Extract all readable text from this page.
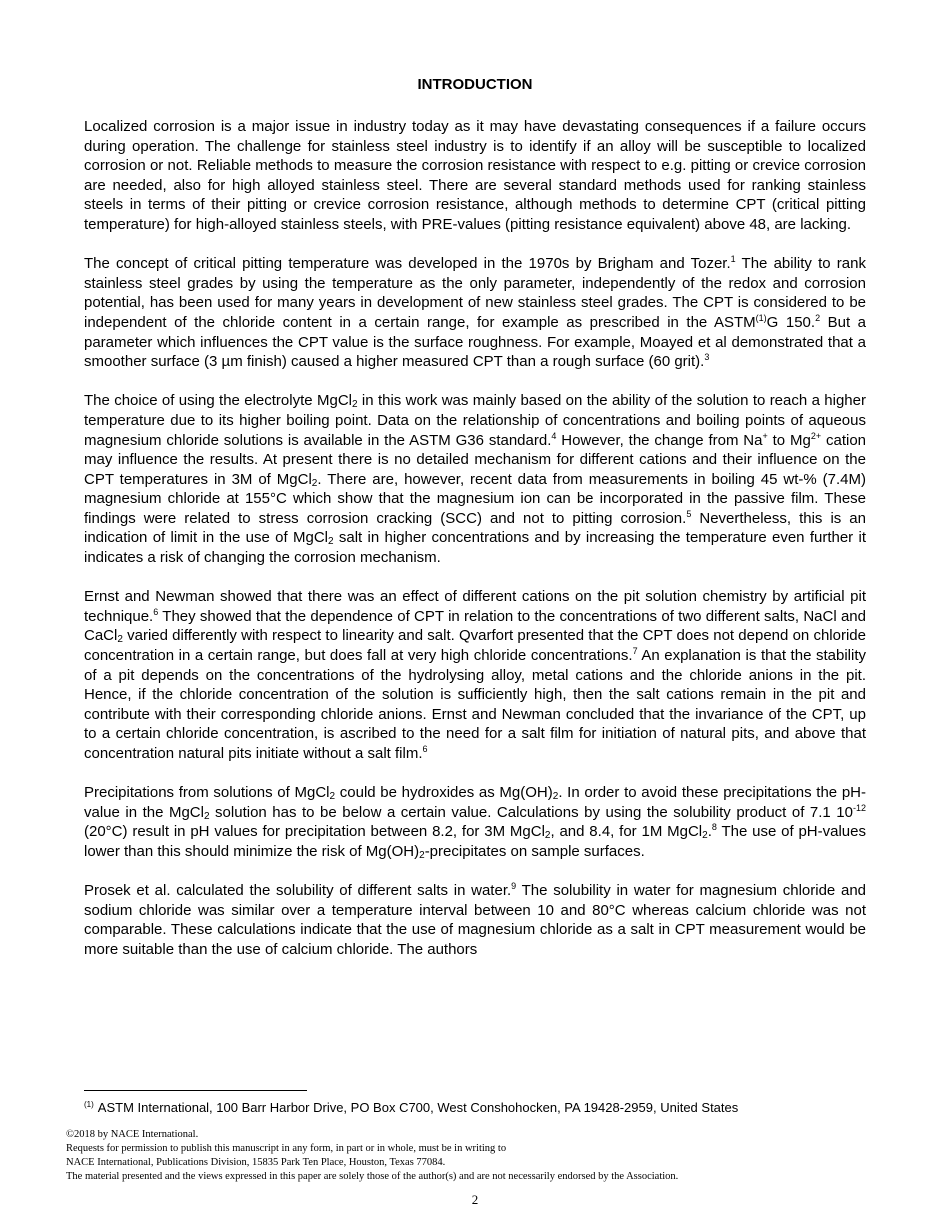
INTRODUCTION

Localized corrosion is a major issue in industry today as it may have devastating consequences if a failure occurs during operation. The challenge for stainless steel industry is to identify if an alloy will be susceptible to localized corrosion or not. Reliable methods to measure the corrosion resistance with respect to e.g. pitting or crevice corrosion are needed, also for high alloyed stainless steel. There are several standard methods used for ranking stainless steels in terms of their pitting or crevice corrosion resistance, although methods to determine CPT (critical pitting temperature) for high-alloyed stainless steels, with PRE-values (pitting resistance equivalent) above 48, are lacking.

The concept of critical pitting temperature was developed in the 1970s by Brigham and Tozer.$^1$ The ability to rank stainless steel grades by using the temperature as the only parameter, independently of the redox and corrosion potential, has been used for many years in development of new stainless steel grades. The CPT is considered to be independent of the chloride content in a certain range, for example as prescribed in the ASTM$^{(1)}$G 150.$^2$ But a parameter which influences the CPT value is the surface roughness. For example, Moayed et al demonstrated that a smoother surface (3 µm finish) caused a higher measured CPT than a rough surface (60 grit).$^3$

The choice of using the electrolyte MgCl$_2$ in this work was mainly based on the ability of the solution to reach a higher temperature due to its higher boiling point. Data on the relationship of concentrations and boiling points of aqueous magnesium chloride solutions is available in the ASTM G36 standard.$^4$ However, the change from Na+ to $Mg^{2+}$ cation may influence the results. At present there is no detailed mechanism for different cations and their influence on the CPT temperatures in 3M of MgCl$_2$. There are, however, recent data from measurements in boiling 45 wt-% (7.4M) magnesium chloride at 155°C which show that the magnesium ion can be incorporated in the passive film. These findings were related to stress corrosion cracking (SCC) and not to pitting corrosion.$^5$ Nevertheless, this is an indication of limit in the use of MgCl$_2$ salt in higher concentrations and by increasing the temperature even further it indicates a risk of changing the corrosion mechanism.

Ernst and Newman showed that there was an effect of different cations on the pit solution chemistry by artificial pit technique.$^6$ They showed that the dependence of CPT in relation to the concentrations of two different salts, NaCl and CaCl$_2$ varied differently with respect to linearity and salt. Qvarfort presented that the CPT does not depend on chloride concentration in a certain range, but does fall at very high chloride concentrations.$^7$ An explanation is that the stability of a pit depends on the concentrations of the hydrolysing alloy, metal cations and the chloride anions in the pit. Hence, if the chloride concentration of the solution is sufficiently high, then the salt cations remain in the pit and contribute with their corresponding chloride anions. Ernst and Newman concluded that the invariance of the CPT, up to a certain chloride concentration, is ascribed to the need for a salt film for initiation of natural pits, and above that concentration natural pits initiate without a salt film.$^6$

Precipitations from solutions of MgCl$_2$ could be hydroxides as $Mg(OH)_2$. In order to avoid these precipitations the pH-value in the MgCl$_2$ solution has to be below a certain value. Calculations by using the solubility product of 7.1 $10^{-12}$ (20°C) result in pH values for precipitation between 8.2, for 3M MgCl$_2$, and 8.4, for 1M MgCl$_2$.$^8$ The use of pH-values lower than this should minimize the risk of $Mg(OH)_2$-precipitates on sample surfaces.

Prosek et al. calculated the solubility of different salts in water.$^9$ The solubility in water for magnesium chloride and sodium chloride was similar over a temperature interval between 10 and 80°C whereas calcium chloride was not comparable. These calculations indicate that the use of magnesium chloride as a salt in CPT measurement would be more suitable than the use of calcium chloride. The authors

$^{(1)}$ ASTM International, 100 Barr Harbor Drive, PO Box C700, West Conshohocken, PA 19428-2959, United States
©2018 by NACE International.
Requests for permission to publish this manuscript in any form, in part or in whole, must be in writing to
NACE International, Publications Division, 15835 Park Ten Place, Houston, Texas 77084.
The material presented and the views expressed in this paper are solely those of the author(s) and are not necessarily endorsed by the Association.
2
